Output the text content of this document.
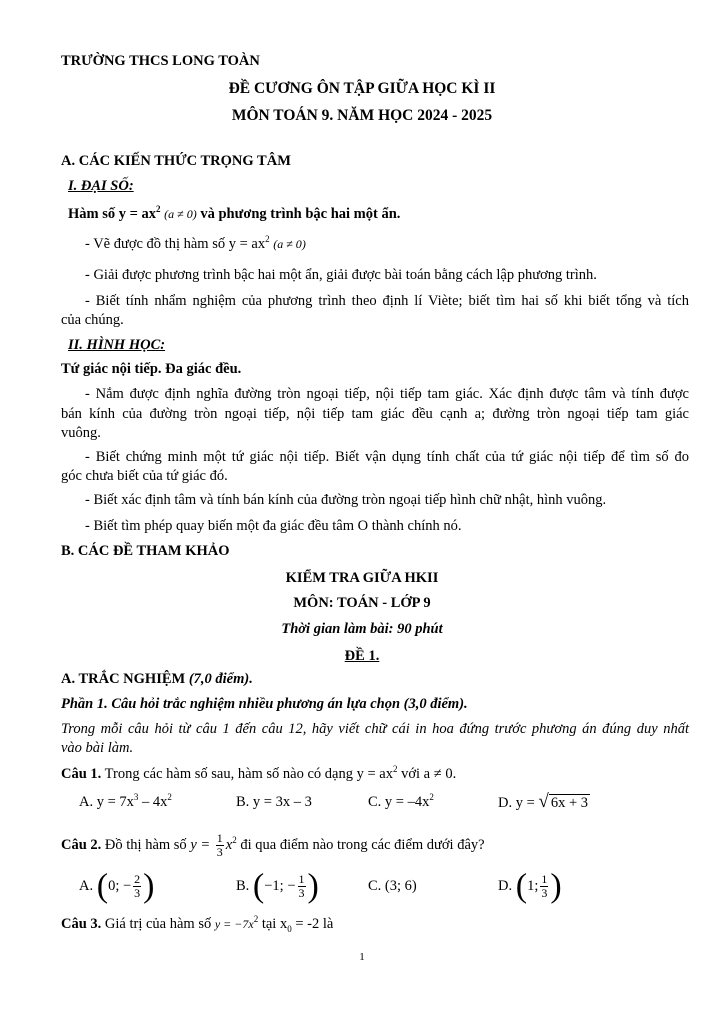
TRƯỜNG THCS LONG TOÀN
ĐỀ CƯƠNG ÔN TẬP GIỮA HỌC KÌ II
MÔN TOÁN 9. NĂM HỌC 2024 - 2025
A. CÁC KIẾN THỨC TRỌNG TÂM
I. ĐẠI SỐ:
Hàm số $y = ax^2$ (a ≠ 0) và phương trình bậc hai một ẩn.
- Vẽ được đồ thị hàm số $y = ax^2$ (a ≠ 0)
- Giải được phương trình bậc hai một ẩn, giải được bài toán bằng cách lập phương trình.
- Biết tính nhẩm nghiệm của phương trình theo định lí Viète; biết tìm hai số khi biết tổng và tích
của chúng.
II. HÌNH HỌC:
Tứ giác nội tiếp. Đa giác đều.
- Nắm được định nghĩa đường tròn ngoại tiếp, nội tiếp tam giác. Xác định được tâm và tính được
bán kính của đường tròn ngoại tiếp, nội tiếp tam giác đều cạnh a; đường tròn ngoại tiếp tam giác
vuông.
- Biết chứng minh một tứ giác nội tiếp. Biết vận dụng tính chất của tứ giác nội tiếp để tìm số đo
góc chưa biết của tứ giác đó.
- Biết xác định tâm và tính bán kính của đường tròn ngoại tiếp hình chữ nhật, hình vuông.
- Biết tìm phép quay biến một đa giác đều tâm O thành chính nó.
B. CÁC ĐỀ THAM KHẢO
KIỂM TRA GIỮA HKII
MÔN: TOÁN - LỚP 9
Thời gian làm bài: 90 phút
ĐỀ 1.
A. TRẮC NGHIỆM (7,0 điểm).
Phần 1. Câu hỏi trắc nghiệm nhiều phương án lựa chọn (3,0 điểm).
Trong mỗi câu hỏi từ câu 1 đến câu 12, hãy viết chữ cái in hoa đứng trước phương án đúng duy nhất
vào bài làm.
Câu 1. Trong các hàm số sau, hàm số nào có dạng $y = ax^2$ với a ≠ 0.
A. $y = 7x^3 - 4x^2$	B. y = 3x – 3	C. $y = -4x^2$	D. y = √ 6x + 3
Câu 2. Đồ thị hàm số $y = \frac{1}{3} x^2$ đi qua điểm nào trong các điểm dưới đây?
A. (0; − $\frac{2}{3}$ )	B. (−1; − $\frac{1}{3}$ )	C. (3; 6)	D. (1; $\frac{1}{3}$ )
Câu 3. Giá trị của hàm số $y = -7x^2$ tại $x_0 = -2$ là
1
